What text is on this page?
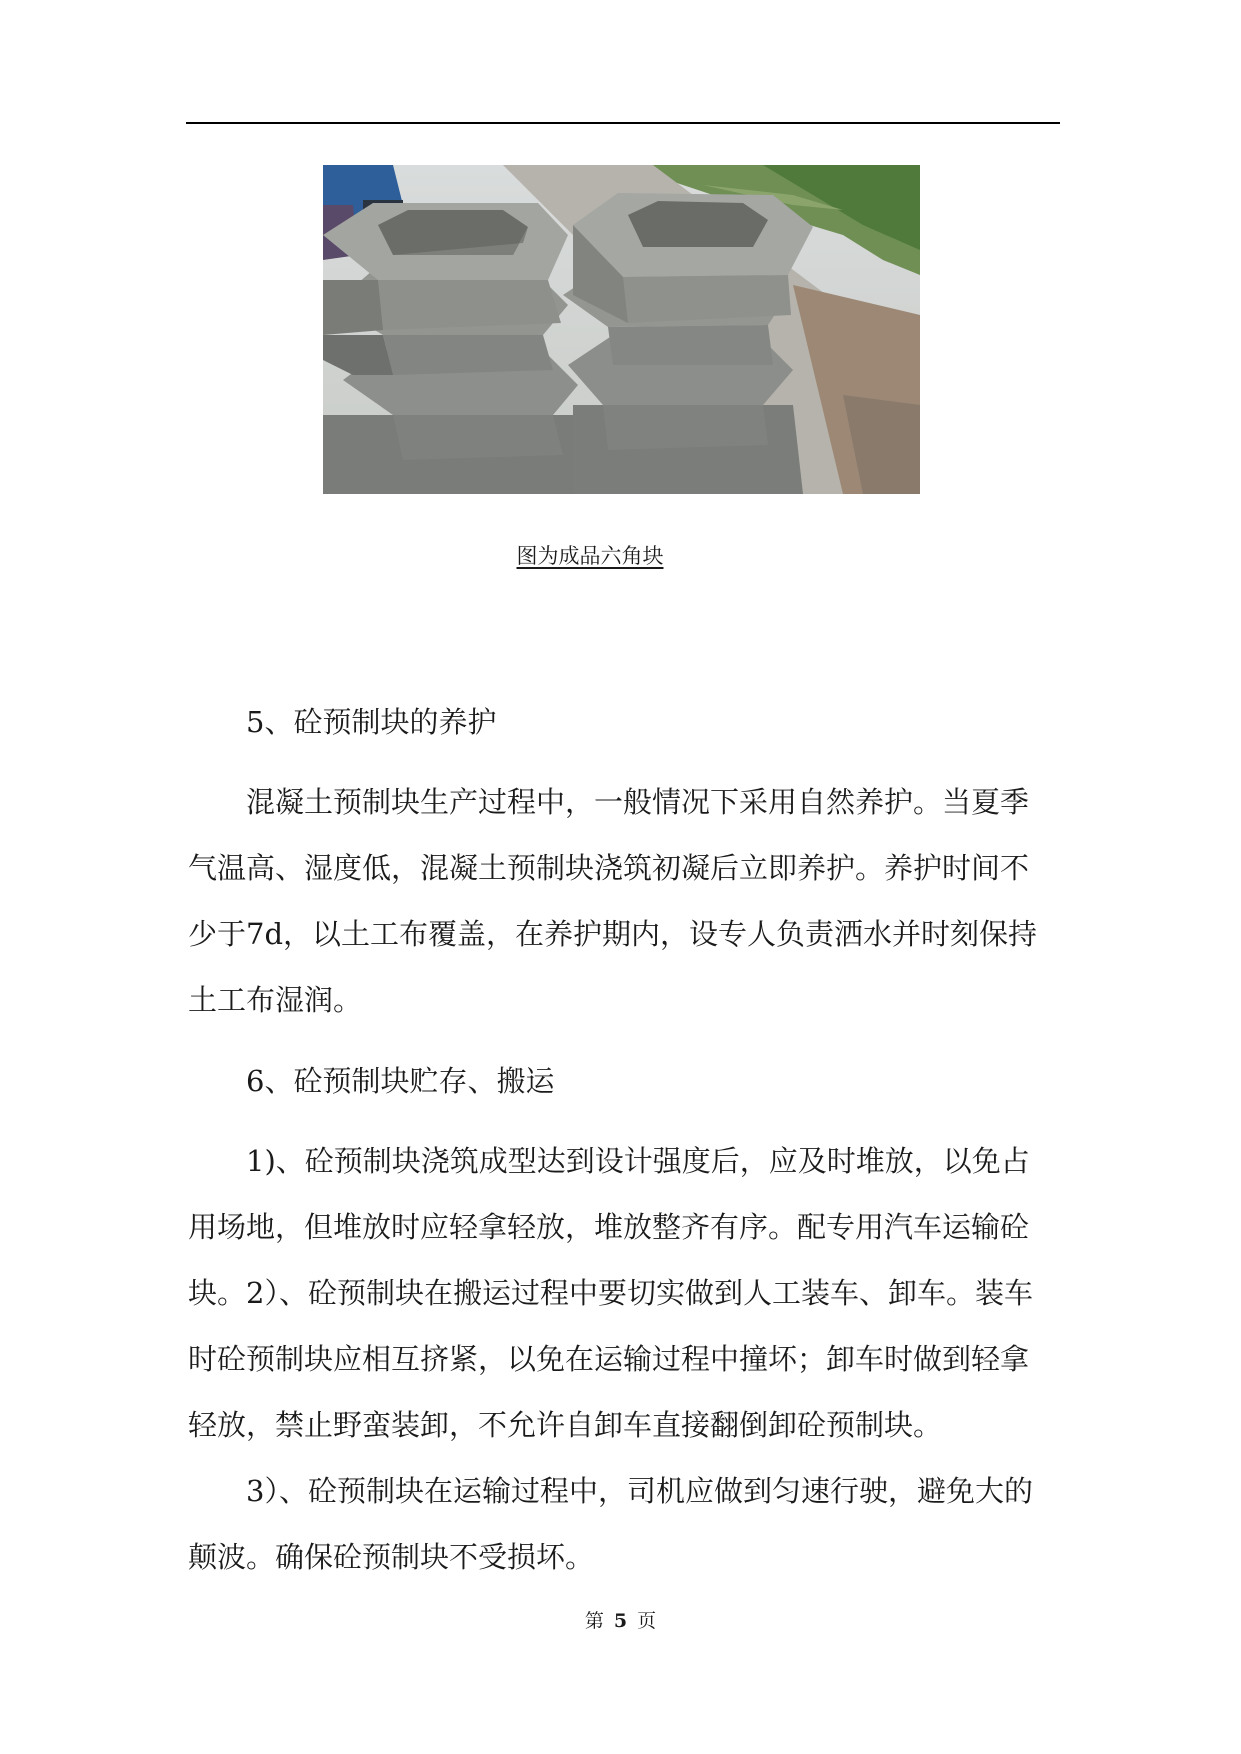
图为成品六角块
5、砼预制块的养护
混凝土预制块生产过程中，一般情况下采用自然养护。当夏季气温高、湿度低，混凝土预制块浇筑初凝后立即养护。养护时间不少于7d，以土工布覆盖，在养护期内，设专人负责洒水并时刻保持土工布湿润。
6、砼预制块贮存、搬运
1)、砼预制块浇筑成型达到设计强度后，应及时堆放，以免占用场地，但堆放时应轻拿轻放，堆放整齐有序。配专用汽车运输砼块。 2）、砼预制块在搬运过程中要切实做到人工装车、卸车。装车时砼预制块应相互挤紧，以免在运输过程中撞坏；卸车时做到轻拿轻放，禁止野蛮装卸，不允许自卸车直接翻倒卸砼预制块。
3）、砼预制块在运输过程中，司机应做到匀速行驶，避免大的颠波。确保砼预制块不受损坏。
第 5 页
